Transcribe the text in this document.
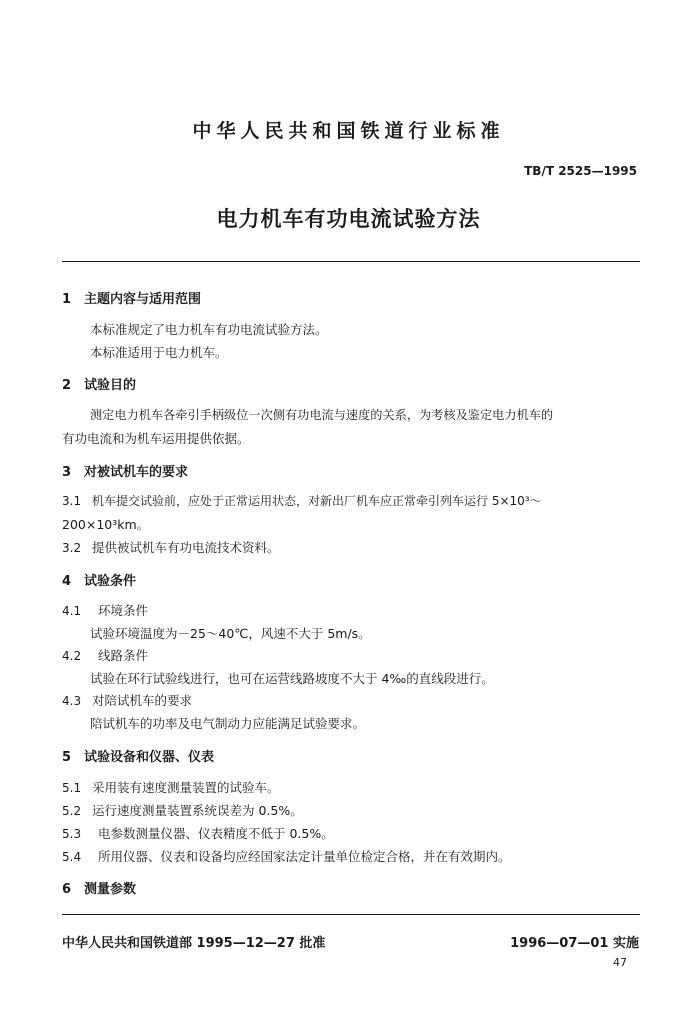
中华人民共和国铁道行业标准
TB/T 2525—1995
电力机车有功电流试验方法
1 主题内容与适用范围
本标准规定了电力机车有功电流试验方法。
本标准适用于电力机车。
2 试验目的
测定电力机车各牵引手柄级位一次侧有功电流与速度的关系，为考核及鉴定电力机车的
有功电流和为机车运用提供依据。
3 对被试机车的要求
3.1 机车提交试验前，应处于正常运用状态，对新出厂机车应正常牵引列车运行 5×10³～
200×10³km。
3.2 提供被试机车有功电流技术资料。
4 试验条件
4.1 环境条件
试验环境温度为－25～40℃，风速不大于 5m/s。
4.2 线路条件
试验在环行试验线进行，也可在运营线路坡度不大于 4‰的直线段进行。
4.3 对陪试机车的要求
陪试机车的功率及电气制动力应能满足试验要求。
5 试验设备和仪器、仪表
5.1 采用装有速度测量装置的试验车。
5.2 运行速度测量装置系统误差为 0.5%。
5.3 电参数测量仪器、仪表精度不低于 0.5%。
5.4 所用仪器、仪表和设备均应经国家法定计量单位检定合格，并在有效期内。
6 测量参数
中华人民共和国铁道部 1995—12—27 批准	1996—07—01 实施
47
